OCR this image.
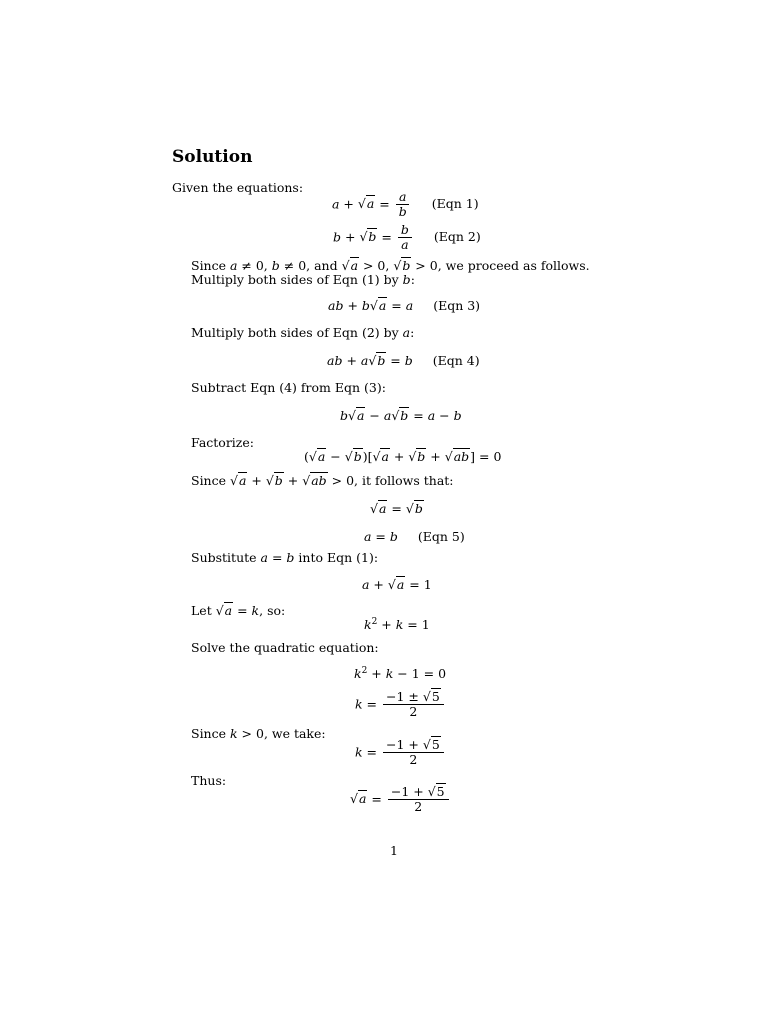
Solution
Given the equations:
$a + √a = \frac{a}{b} (Eqn$ 1)
$b + √b = \frac{b}{a} (Eqn$ 2)
Since a ≠ 0, b ≠ 0, and √a > 0, √b > 0, we proceed as follows.
Multiply both sides of Eqn (1) by b:
ab + b√a = a (Eqn 3)
Multiply both sides of Eqn (2) by a:
ab + a√b = b (Eqn 4)
Subtract Eqn (4) from Eqn (3):
b√a − a√b = a − b
Factorize:
(√a − √b)[√a + √b + √ab] = 0
Since √a + √b + √ab > 0, it follows that:
√a = √b
a = b (Eqn 5)
Substitute a = b into Eqn (1):
a + √a = 1
Let √a = k, so:
$k^2 + k = 1$
Solve the quadratic equation:
$k^2 + k - 1 = 0$
$k = \frac{-1 \pm √5}{2}$
Since k > 0, we take:
$k = \frac{-1 + √5}{2}$
Thus:
$√a = \frac{-1 + √5}{2}$
1
